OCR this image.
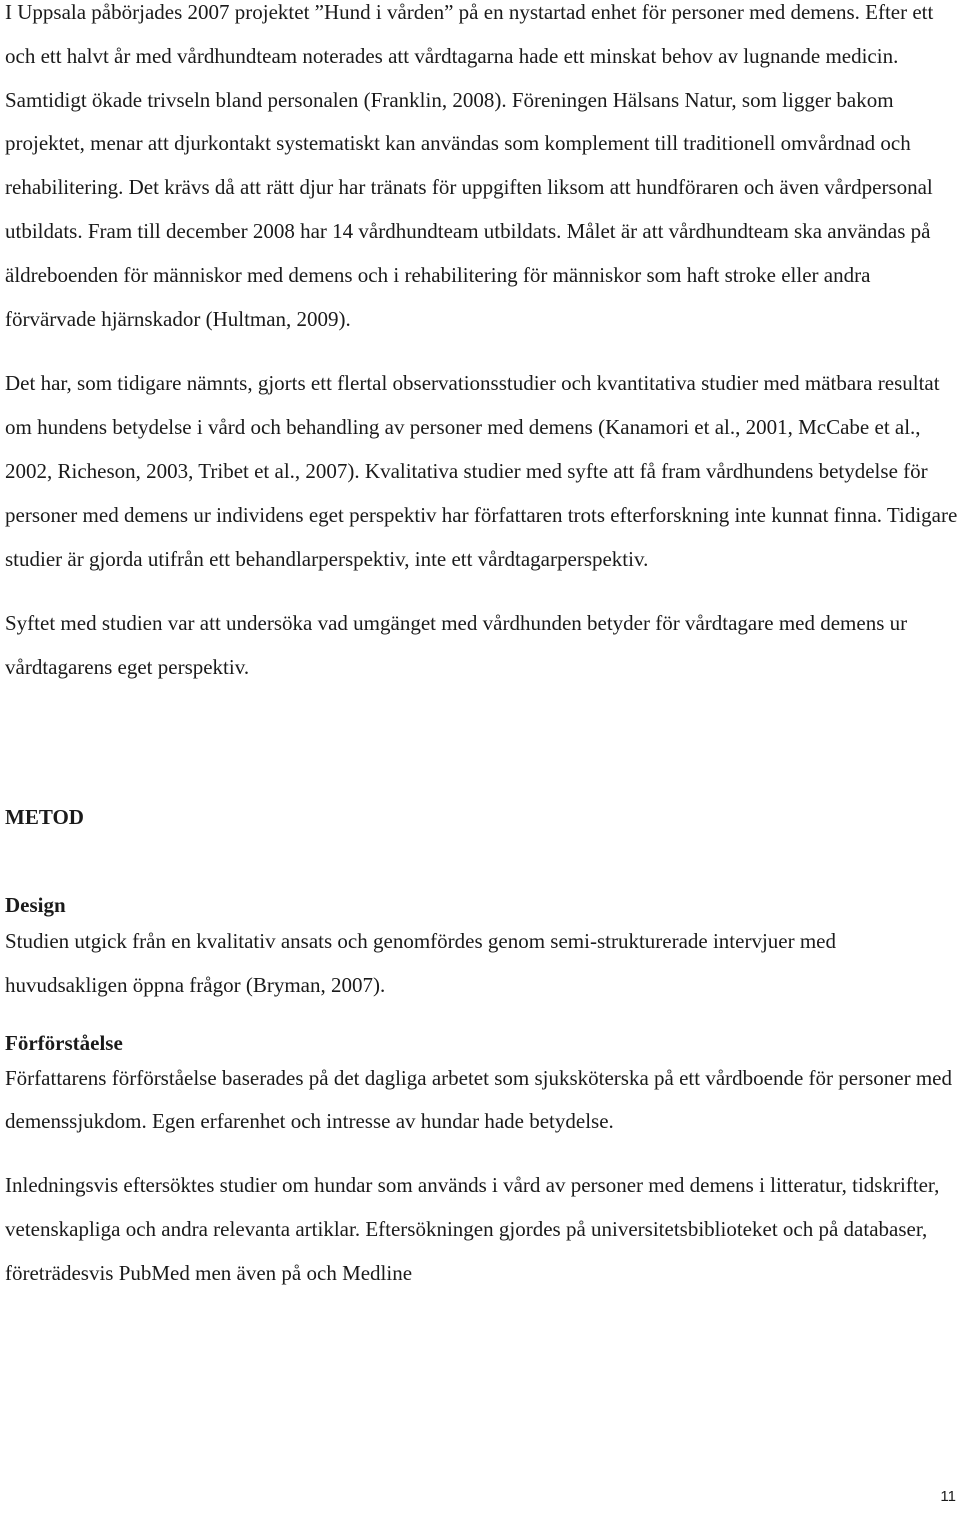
I Uppsala påbörjades 2007 projektet ”Hund i vården” på en nystartad enhet för personer med demens. Efter ett och ett halvt år med vårdhundteam noterades att vårdtagarna hade ett minskat behov av lugnande medicin. Samtidigt ökade trivseln bland personalen (Franklin, 2008). Föreningen Hälsans Natur, som ligger bakom projektet, menar att djurkontakt systematiskt kan användas som komplement till traditionell omvårdnad och rehabilitering. Det krävs då att rätt djur har tränats för uppgiften liksom att hundföraren och även vårdpersonal utbildats. Fram till december 2008 har 14 vårdhundteam utbildats. Målet är att vårdhundteam ska användas på äldreboenden för människor med demens och i rehabilitering för människor som haft stroke eller andra förvärvade hjärnskador (Hultman, 2009).

Det har, som tidigare nämnts, gjorts ett flertal observationsstudier och kvantitativa studier med mätbara resultat om hundens betydelse i vård och behandling av personer med demens (Kanamori et al., 2001, McCabe et al., 2002, Richeson, 2003, Tribet et al., 2007). Kvalitativa studier med syfte att få fram vårdhundens betydelse för personer med demens ur individens eget perspektiv har författaren trots efterforskning inte kunnat finna. Tidigare studier är gjorda utifrån ett behandlarperspektiv, inte ett vårdtagarperspektiv.

Syftet med studien var att undersöka vad umgänget med vårdhunden betyder för vårdtagare med demens ur vårdtagarens eget perspektiv.

METOD
Design

Studien utgick från en kvalitativ ansats och genomfördes genom semi-strukturerade intervjuer med huvudsakligen öppna frågor (Bryman, 2007).

Förförståelse

Författarens förförståelse baserades på det dagliga arbetet som sjuksköterska på ett vårdboende för personer med demenssjukdom. Egen erfarenhet och intresse av hundar hade betydelse.

Inledningsvis eftersöktes studier om hundar som används i vård av personer med demens i litteratur, tidskrifter, vetenskapliga och andra relevanta artiklar. Eftersökningen gjordes på universitetsbiblioteket och på databaser, företrädesvis PubMed men även på och Medline

11
